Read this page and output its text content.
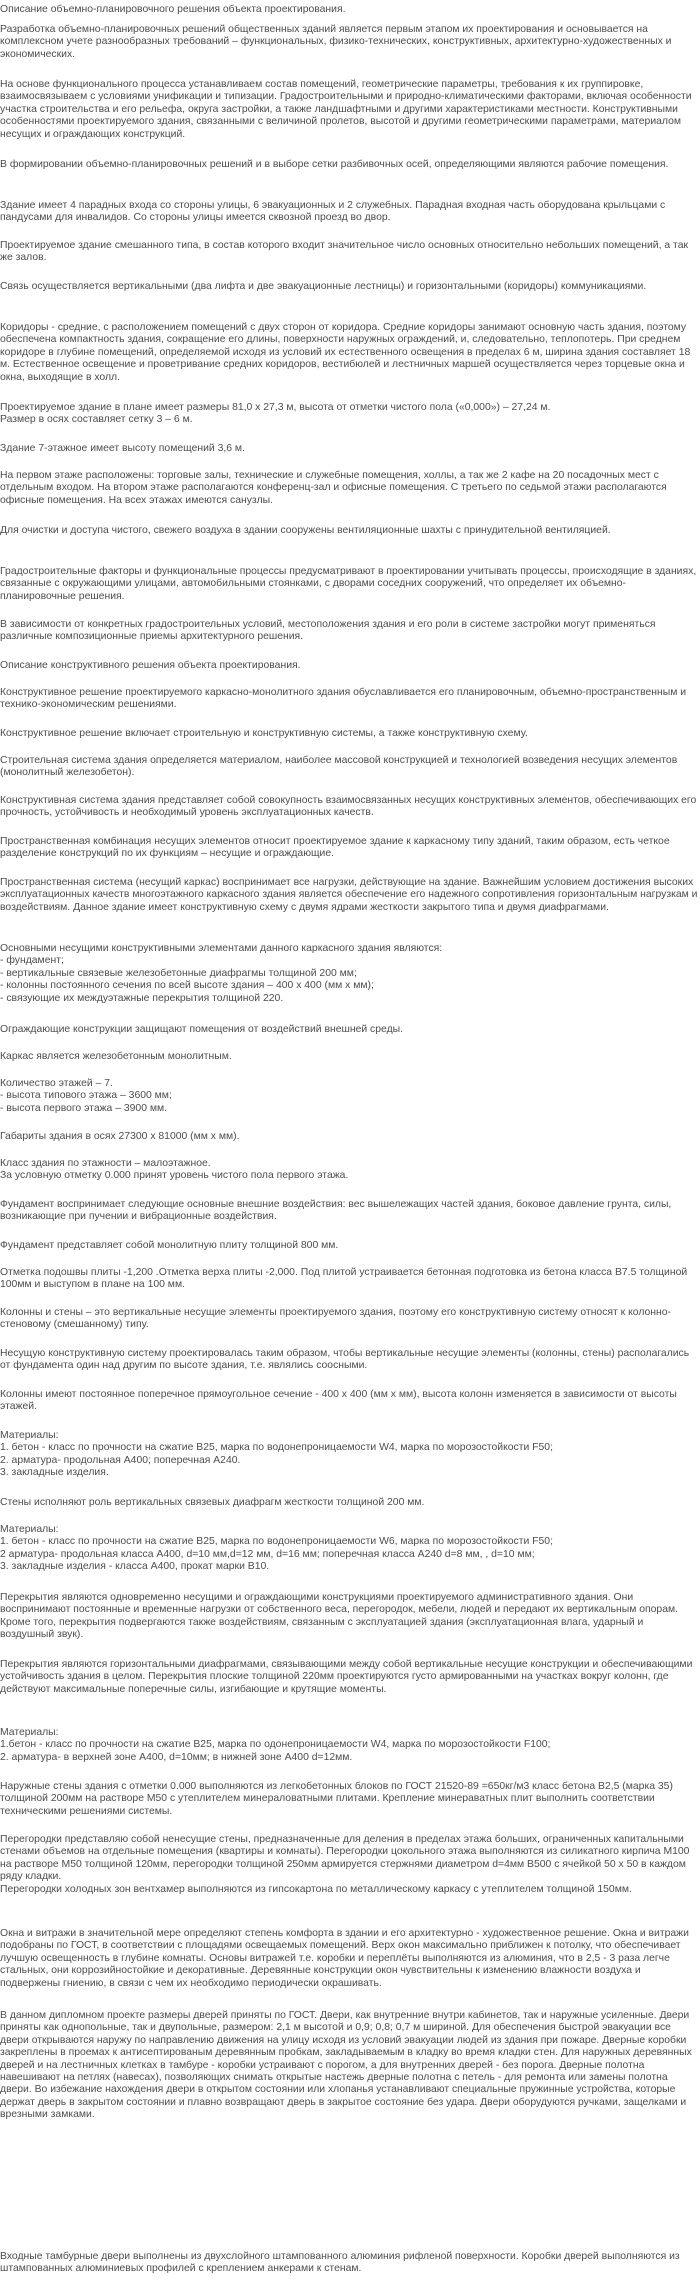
Описание объемно-планировочного решения объекта проектирования.

Разработка объемно-планировочных решений общественных зданий является первым этапом их проектирования и основывается на комплексном учете разнообразных требований – функциональных, физико-технических, конструктивных, архитектурно-художественных и экономических.

На основе функционального процесса устанавливаем состав помещений, геометрические параметры, требования к их группировке, взаимосвязываем с условиями унификации и типизации. Градостроительными и природно-климатическими факторами, включая особенности участка строительства и его рельефа, округа застройки, а также ландшафтными и другими характеристиками местности. Конструктивными особенностями проектируемого здания, связанными с величиной пролетов, высотой и другими геометрическими параметрами, материалом несущих и ограждающих конструкций.

В формировании объемно-планировочных решений и в выборе сетки разбивочных осей, определяющими являются рабочие помещения.

Здание имеет 4 парадных входа со стороны улицы, 6 эвакуационных и 2 служебных. Парадная входная часть оборудована крыльцами с пандусами для инвалидов. Со стороны улицы имеется сквозной проезд во двор.

Проектируемое здание смешанного типа, в состав которого входит значительное число основных относительно небольших помещений, а так же залов.

Связь осуществляется вертикальными (два лифта и две эвакуационные лестницы) и горизонтальными (коридоры) коммуникациями.

Коридоры - средние, с расположением помещений с двух сторон от коридора. Средние коридоры занимают основную часть здания, поэтому обеспечена компактность здания, сокращение его длины, поверхности наружных ограждений, и, следовательно, теплопотерь. При среднем коридоре в глубине помещений, определяемой исходя из условий их естественного освещения в пределах 6 м, ширина здания составляет 18 м. Естественное освещение и проветривание средних коридоров, вестибюлей и лестничных маршей осуществляется через торцевые окна и окна, выходящие в холл.

Проектируемое здание в плане имеет размеры 81,0 х 27,3 м, высота от отметки чистого пола («0,000») – 27,24 м.
Размер в осях составляет сетку 3 – 6 м.

Здание 7-этажное имеет высоту помещений 3,6 м.

На первом этаже расположены: торговые залы, технические и служебные помещения, холлы, а так же 2 кафе на 20 посадочных мест с отдельным входом. На втором этаже располагаются конференц-зал и офисные помещения. С третьего по седьмой этажи располагаются офисные помещения. На всех этажах имеются санузлы.

Для очистки и доступа чистого, свежего воздуха в здании сооружены вентиляционные шахты с принудительной вентиляцией.

Градостроительные факторы и функциональные процессы предусматривают в проектировании учитывать процессы, происходящие в зданиях, связанные с окружающими улицами, автомобильными стоянками, с дворами соседних сооружений, что определяет их объемно-планировочные решения.

В зависимости от конкретных градостроительных условий, местоположения здания и его роли в системе застройки могут применяться различные композиционные приемы архитектурного решения.

Описание конструктивного решения объекта проектирования.

Конструктивное решение проектируемого каркасно-монолитного здания обуславливается его планировочным, объемно-пространственным и технико-экономическим решениями.

Конструктивное решение включает строительную и конструктивную системы, а также конструктивную схему.

Строительная система здания определяется материалом, наиболее массовой конструкцией и технологией возведения несущих элементов (монолитный железобетон).

Конструктивная система здания представляет собой совокупность взаимосвязанных несущих конструктивных элементов, обеспечивающих его прочность, устойчивость и необходимый уровень эксплуатационных качеств.

Пространственная комбинация несущих элементов относит проектируемое здание к каркасному типу зданий, таким образом, есть четкое разделение конструкций по их функциям – несущие и ограждающие.

Пространственная система (несущий каркас) воспринимает все нагрузки, действующие на здание. Важнейшим условием достижения высоких эксплуатационных качеств многоэтажного каркасного здания является обеспечение его надежного сопротивления горизонтальным нагрузкам и воздействиям. Данное здание имеет конструктивную схему с двумя ядрами жесткости закрытого типа и двумя диафрагмами.

Основными несущими конструктивными элементами данного каркасного здания являются:
- фундамент;
- вертикальные связевые железобетонные диафрагмы толщиной 200 мм;
- колонны постоянного сечения по всей высоте здания – 400 х 400 (мм х мм);
- связующие их междуэтажные перекрытия толщиной 220.

Ограждающие конструкции защищают помещения от воздействий внешней среды.

Каркас является железобетонным монолитным.

Количество этажей – 7.
- высота типового этажа – 3600 мм;
- высота первого этажа – 3900 мм.

Габариты здания в осях 27300 х 81000 (мм х мм).

Класс здания по этажности – малоэтажное.
За условную отметку 0.000 принят уровень чистого пола первого этажа.

Фундамент воспринимает следующие основные внешние воздействия: вес вышележащих частей здания, боковое давление грунта, силы, возникающие при пучении и вибрационные воздействия.

Фундамент представляет собой монолитную плиту толщиной 800 мм.

Отметка подошвы плиты -1,200 .Отметка верха плиты -2,000. Под плитой устраивается бетонная подготовка из бетона класса В7.5 толщиной 100мм и выступом в плане на 100 мм.

Колонны и стены – это вертикальные несущие элементы проектируемого здания, поэтому его конструктивную систему относят к колонно-стеновому (смешанному) типу.

Несущую конструктивную систему проектировалась таким образом, чтобы вертикальные несущие элементы (колонны, стены) располагались от фундамента один над другим по высоте здания, т.е. являлись соосными.

Колонны имеют постоянное поперечное прямоугольное сечение - 400 х 400 (мм х мм), высота колонн изменяется в зависимости от высоты этажей.

Материалы:
1. бетон - класс по прочности на сжатие В25, марка по водонепроницаемости W4, марка по морозостойкости F50;
2. арматура- продольная А400; поперечная А240.
3. закладные изделия.

Стены исполняют роль вертикальных связевых диафрагм жесткости толщиной 200 мм.

Материалы:
1. бетон - класс по прочности на сжатие В25, марка по водонепроницаемости W6, марка по морозостойкости F50;
2 арматура- продольная класса А400, d=10 мм,d=12 мм, d=16 мм; поперечная класса А240 d=8 мм, , d=10 мм;
3. закладные изделия - класса А400, прокат марки В10.

Перекрытия являются одновременно несущими и ограждающими конструкциями проектируемого административного здания. Они воспринимают постоянные и временные нагрузки от собственного веса, перегородок, мебели, людей и передают их вертикальным опорам. Кроме того, перекрытия подвергаются также воздействиям, связанным с эксплуатацией здания (эксплуатационная влага, ударный и воздушный звук).

Перекрытия являются горизонтальными диафрагмами, связывающими между собой вертикальные несущие конструкции и обеспечивающими устойчивость здания в целом. Перекрытия плоские толщиной 220мм проектируются густо армированными на участках вокруг колонн, где действуют максимальные поперечные силы, изгибающие и крутящие моменты.

Материалы:
1.бетон - класс по прочности на сжатие В25, марка по одонепроницаемости W4, марка по морозостойкости F100;
2. арматура- в верхней зоне А400, d=10мм; в нижней зоне А400 d=12мм.

Наружные стены здания с отметки 0.000 выполняются из легкобетонных блоков по ГОСТ 21520-89 =650кг/м3 класс бетона В2,5 (марка 35) толщиной 200мм на растворе М50 с утеплителем минераловатными плитами. Крепление минераватных плит выполнить соответствии техническими решениями системы.

Перегородки представляю собой ненесущие стены, предназначенные для деления в пределах этажа больших, ограниченных капитальными стенами объемов на отдельные помещения (квартиры и комнаты). Перегородки цокольного этажа выполняются из силикатного кирпича М100 на растворе М50 толщиной 120мм, перегородки толщиной 250мм армируется стержнями диаметром d=4мм В500 с ячейкой 50 х 50 в каждом ряду кладки.
Перегородки холодных зон вентхамер выполняются из гипсокартона по металлическому каркасу с утеплителем толщиной 150мм.

Окна и витражи в значительной мере определяют степень комфорта в здании и его архитектурно - художественное решение. Окна и витражи подобраны по ГОСТ, в соответствии с площадями освещаемых помещений. Верх окон максимально приближен к потолку, что обеспечивает лучшую освещенность в глубине комнаты. Основы витражей т.е. коробки и переплёты выполняются из алюминия, что в 2,5 - 3 раза легче стальных, они коррозийностойкие и декоративные. Деревянные конструкции окон чувствительны к изменению влажности воздуха и подвержены гниению, в связи с чем их необходимо периодически окрашивать.

В данном дипломном проекте размеры дверей приняты по ГОСТ. Двери, как внутренние внутри кабинетов, так и наружные усиленные. Двери приняты как однопольные, так и двупольные, размером: 2,1 м высотой и 0,9; 0,8; 0,7 м шириной. Для обеспечения быстрой эвакуации все двери открываются наружу по направлению движения на улицу исходя из условий эвакуации людей из здания при пожаре. Дверные коробки закреплены в проемах к антисептированым деревянным пробкам, закладываемым в кладку во время кладки стен. Для наружных деревянных дверей и на лестничных клетках в тамбуре - коробки устраивают с порогом, а для внутренних дверей - без порога. Дверные полотна навешивают на петлях (навесах), позволяющих снимать открытые настежь дверные полотна с петель - для ремонта или замены полотна двери. Во избежание нахождения двери в открытом состоянии или хлопанья устанавливают специальные пружинные устройства, которые держат дверь в закрытом состоянии и плавно возвращают дверь в закрытое состояние без удара. Двери оборудуются ручками, защелками и врезными замками.

Входные тамбурные двери выполнены из двухслойного штампованного алюминия рифленой поверхности. Коробки дверей выполняются из штампованных алюминиевых профилей с креплением анкерами к стенам.
